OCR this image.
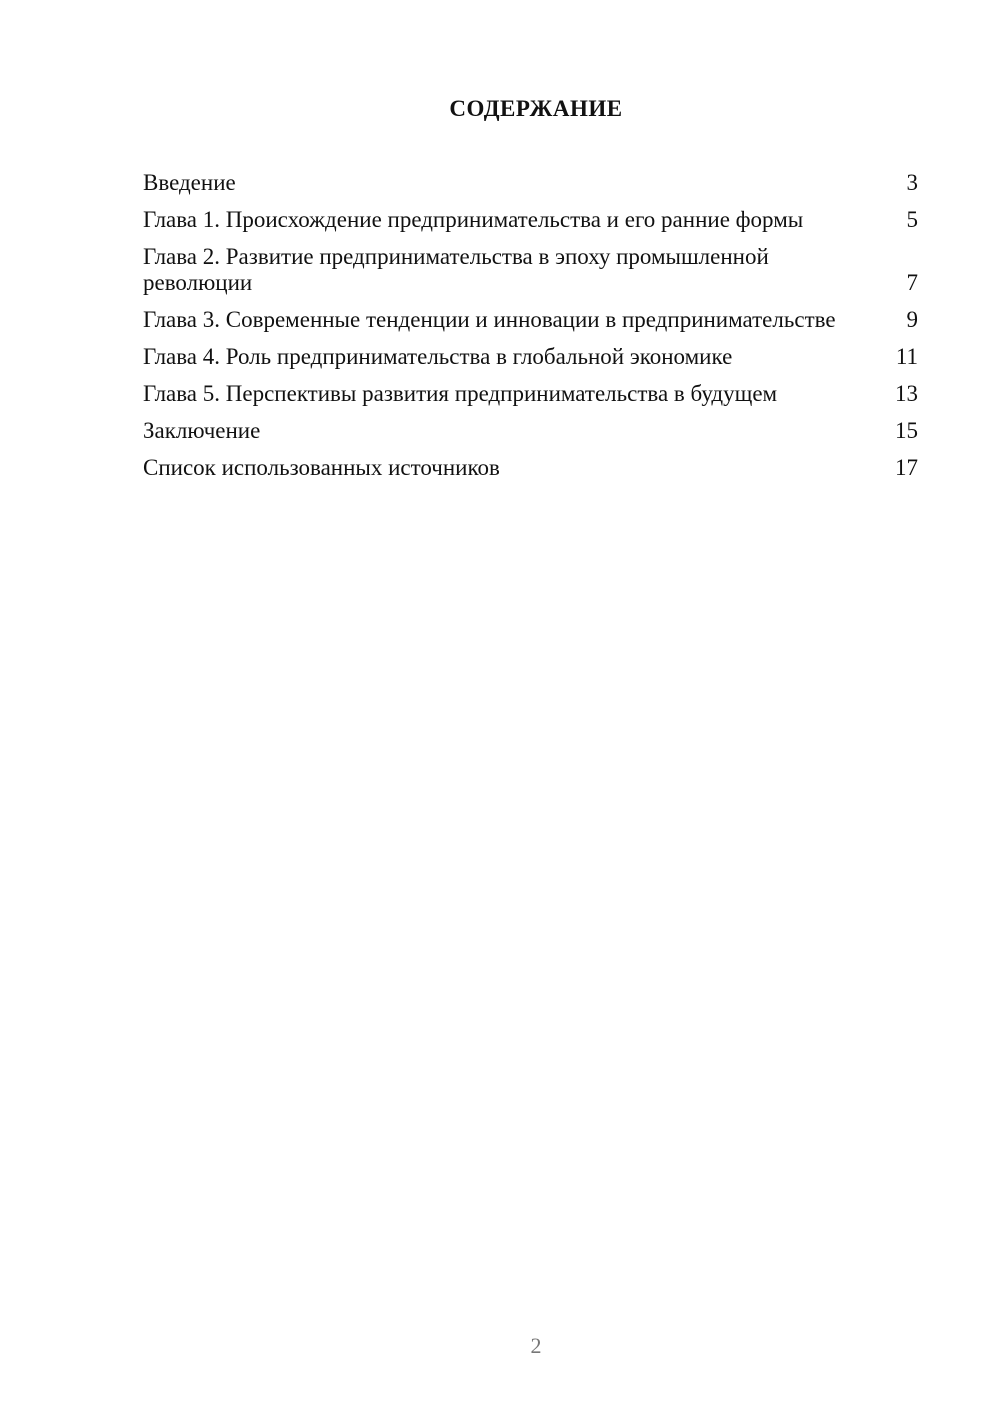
СОДЕРЖАНИЕ
Введение	3
Глава 1. Происхождение предпринимательства и его ранние формы	5
Глава 2. Развитие предпринимательства в эпоху промышленной революции	7
Глава 3. Современные тенденции и инновации в предпринимательстве	9
Глава 4. Роль предпринимательства в глобальной экономике	11
Глава 5. Перспективы развития предпринимательства в будущем	13
Заключение	15
Список использованных источников	17
2
